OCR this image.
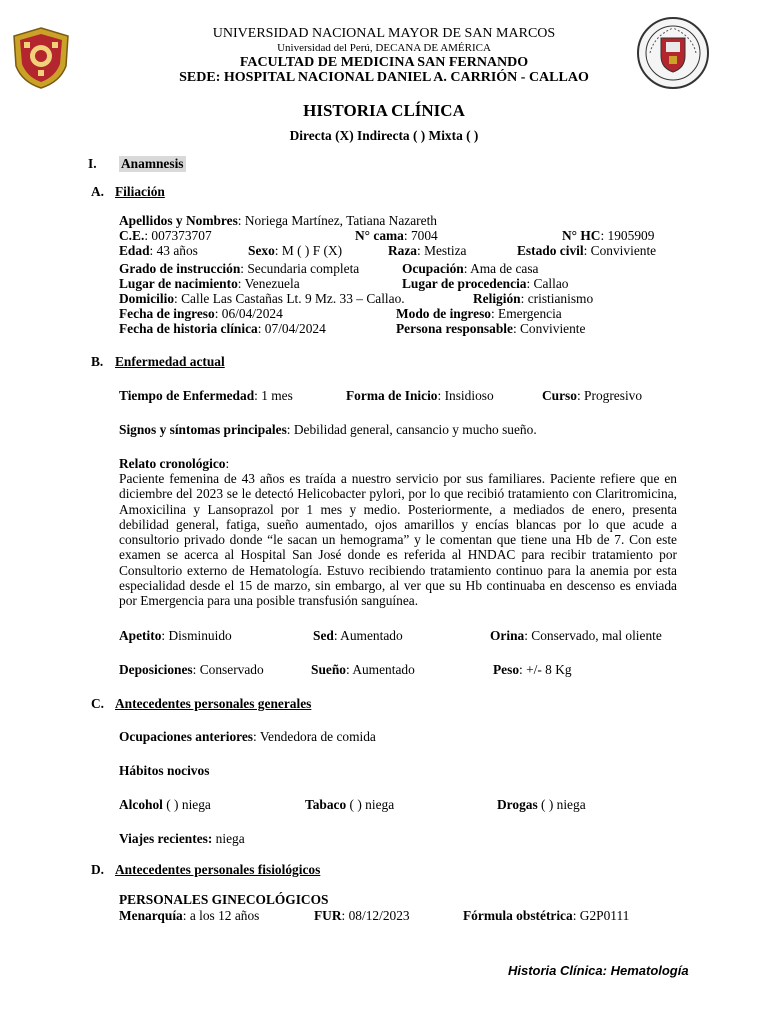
UNIVERSIDAD NACIONAL MAYOR DE SAN MARCOS
Universidad del Perú, DECANA DE AMÉRICA
FACULTAD DE MEDICINA SAN FERNANDO
SEDE: HOSPITAL NACIONAL DANIEL A. CARRIÓN - CALLAO
HISTORIA CLÍNICA
Directa (X) Indirecta ( ) Mixta ( )
I. Anamnesis
A. Filiación
Apellidos y Nombres: Noriega Martínez, Tatiana Nazareth
C.E.: 007373707	N° cama: 7004	N° HC: 1905909
Edad: 43 años	Sexo: M ( ) F (X)	Raza: Mestiza	Estado civil: Conviviente
Grado de instrucción: Secundaria completa	Ocupación: Ama de casa
Lugar de nacimiento: Venezuela	Lugar de procedencia: Callao
Domicilio: Calle Las Castañas Lt. 9 Mz. 33 – Callao.	Religión: cristianismo
Fecha de ingreso: 06/04/2024	Modo de ingreso: Emergencia
Fecha de historia clínica: 07/04/2024	Persona responsable: Conviviente
B. Enfermedad actual
Tiempo de Enfermedad: 1 mes	Forma de Inicio: Insidioso	Curso: Progresivo
Signos y síntomas principales: Debilidad general, cansancio y mucho sueño.
Relato cronológico:
Paciente femenina de 43 años es traída a nuestro servicio por sus familiares. Paciente refiere que en diciembre del 2023 se le detectó Helicobacter pylori, por lo que recibió tratamiento con Claritromicina, Amoxicilina y Lansoprazol por 1 mes y medio. Posteriormente, a mediados de enero, presenta debilidad general, fatiga, sueño aumentado, ojos amarillos y encías blancas por lo que acude a consultorio privado donde “le sacan un hemograma” y le comentan que tiene una Hb de 7. Con este examen se acerca al Hospital San José donde es referida al HNDAC para recibir tratamiento por Consultorio externo de Hematología. Estuvo recibiendo tratamiento continuo para la anemia por esta especialidad desde el 15 de marzo, sin embargo, al ver que su Hb continuaba en descenso es enviada por Emergencia para una posible transfusión sanguínea.
Apetito: Disminuido	Sed: Aumentado	Orina: Conservado, mal oliente
Deposiciones: Conservado	Sueño: Aumentado	Peso: +/- 8 Kg
C. Antecedentes personales generales
Ocupaciones anteriores: Vendedora de comida
Hábitos nocivos
Alcohol ( ) niega	Tabaco ( ) niega	Drogas ( ) niega
Viajes recientes: niega
D. Antecedentes personales fisiológicos
PERSONALES GINECOLÓGICOS
Menarquía: a los 12 años	FUR: 08/12/2023	Fórmula obstétrica: G2P0111
Historia Clínica: Hematología
